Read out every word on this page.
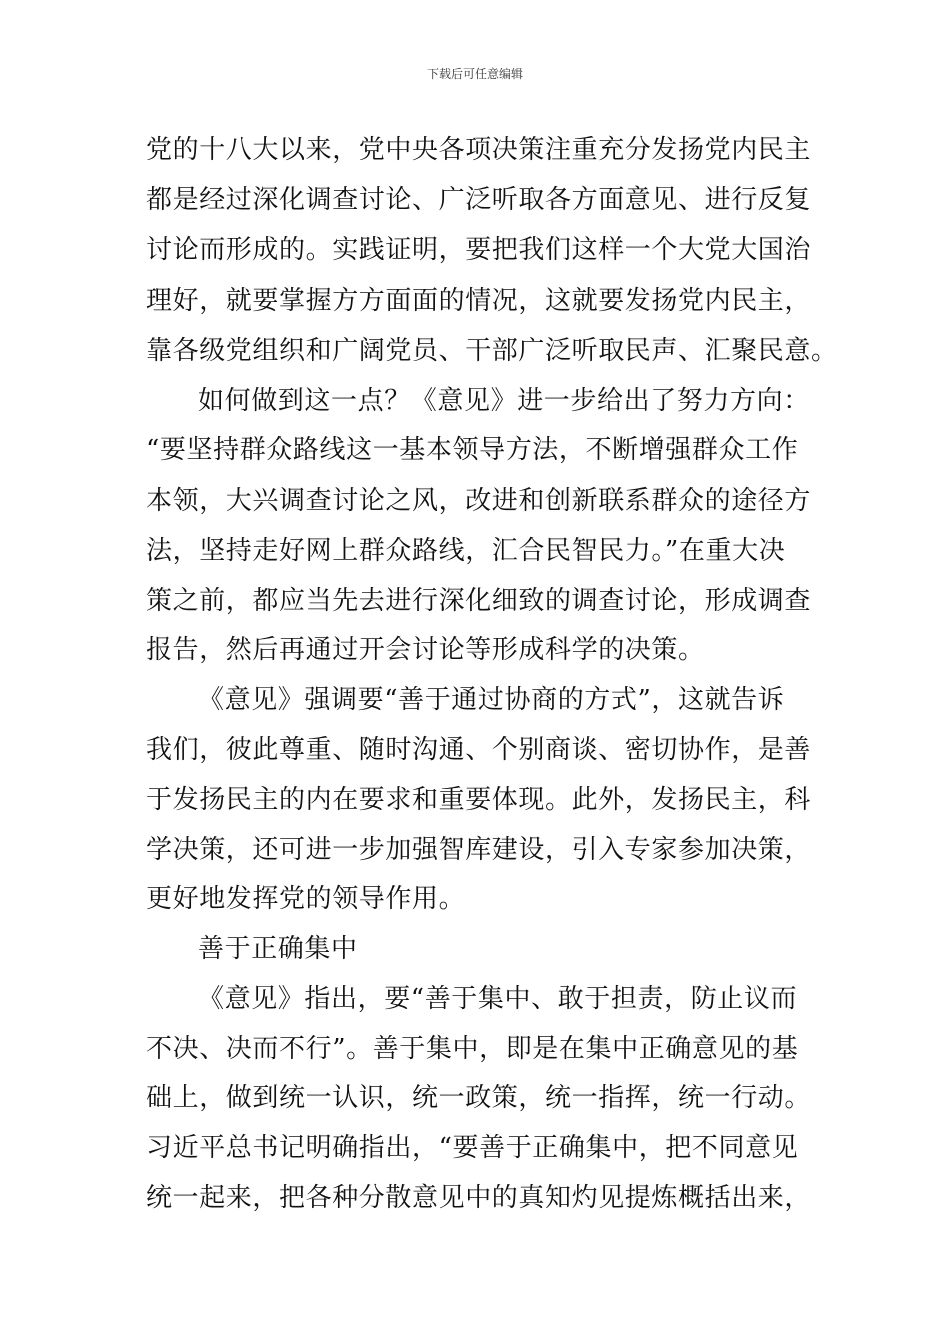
下载后可任意编辑
党的十八大以来，党中央各项决策注重充分发扬党内民主
都是经过深化调查讨论、广泛听取各方面意见、进行反复
讨论而形成的。实践证明，要把我们这样一个大党大国治
理好，就要掌握方方面面的情况，这就要发扬党内民主，
靠各级党组织和广阔党员、干部广泛听取民声、汇聚民意。
如何做到这一点？《意见》进一步给出了努力方向：
“要坚持群众路线这一基本领导方法，不断增强群众工作
本领，大兴调查讨论之风，改进和创新联系群众的途径方
法，坚持走好网上群众路线，汇合民智民力。”在重大决
策之前，都应当先去进行深化细致的调查讨论，形成调查
报告，然后再通过开会讨论等形成科学的决策。
《意见》强调要“善于通过协商的方式”，这就告诉
我们，彼此尊重、随时沟通、个别商谈、密切协作，是善
于发扬民主的内在要求和重要体现。此外，发扬民主，科
学决策，还可进一步加强智库建设，引入专家参加决策，
更好地发挥党的领导作用。
善于正确集中
《意见》指出，要“善于集中、敢于担责，防止议而
不决、决而不行”。善于集中，即是在集中正确意见的基
础上，做到统一认识，统一政策，统一指挥，统一行动。
习近平总书记明确指出，“要善于正确集中，把不同意见
统一起来，把各种分散意见中的真知灼见提炼概括出来，
